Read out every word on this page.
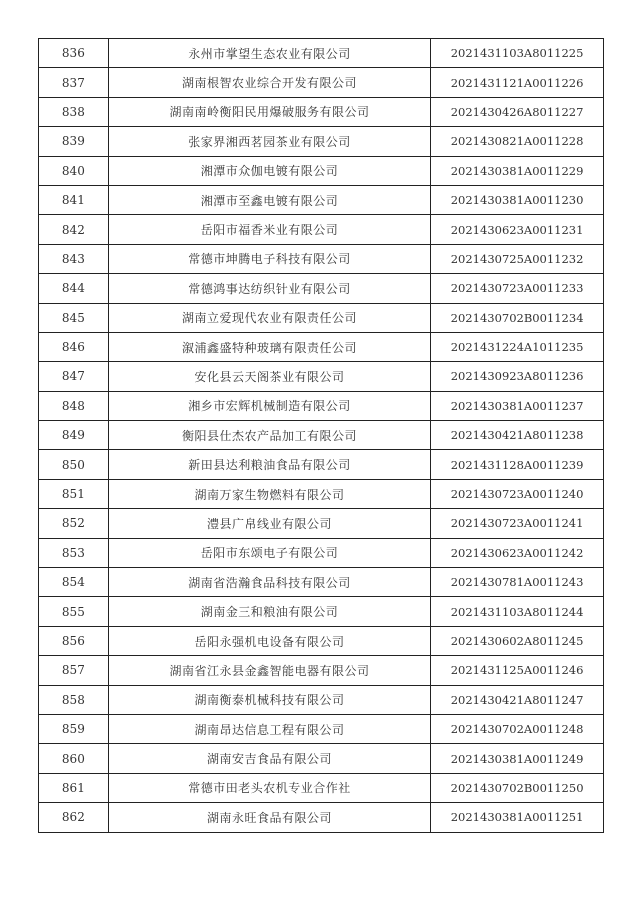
836	永州市掌望生态农业有限公司	2021431103A8011225
837	湖南根智农业综合开发有限公司	2021431121A0011226
838	湖南南岭衡阳民用爆破服务有限公司	2021430426A8011227
839	张家界湘西茗园茶业有限公司	2021430821A0011228
840	湘潭市众伽电镀有限公司	2021430381A0011229
841	湘潭市至鑫电镀有限公司	2021430381A0011230
842	岳阳市福香米业有限公司	2021430623A0011231
843	常德市坤腾电子科技有限公司	2021430725A0011232
844	常德鸿事达纺织针业有限公司	2021430723A0011233
845	湖南立爱现代农业有限责任公司	2021430702B0011234
846	溆浦鑫盛特种玻璃有限责任公司	2021431224A1011235
847	安化县云天阁茶业有限公司	2021430923A8011236
848	湘乡市宏辉机械制造有限公司	2021430381A0011237
849	衡阳县仕杰农产品加工有限公司	2021430421A8011238
850	新田县达利粮油食品有限公司	2021431128A0011239
851	湖南万家生物燃料有限公司	2021430723A0011240
852	澧县广帛线业有限公司	2021430723A0011241
853	岳阳市东颂电子有限公司	2021430623A0011242
854	湖南省浩瀚食品科技有限公司	2021430781A0011243
855	湖南金三和粮油有限公司	2021431103A8011244
856	岳阳永强机电设备有限公司	2021430602A8011245
857	湖南省江永县金鑫智能电器有限公司	2021431125A0011246
858	湖南衡泰机械科技有限公司	2021430421A8011247
859	湖南昂达信息工程有限公司	2021430702A0011248
860	湖南安吉食品有限公司	2021430381A0011249
861	常德市田老头农机专业合作社	2021430702B0011250
862	湖南永旺食品有限公司	2021430381A0011251
